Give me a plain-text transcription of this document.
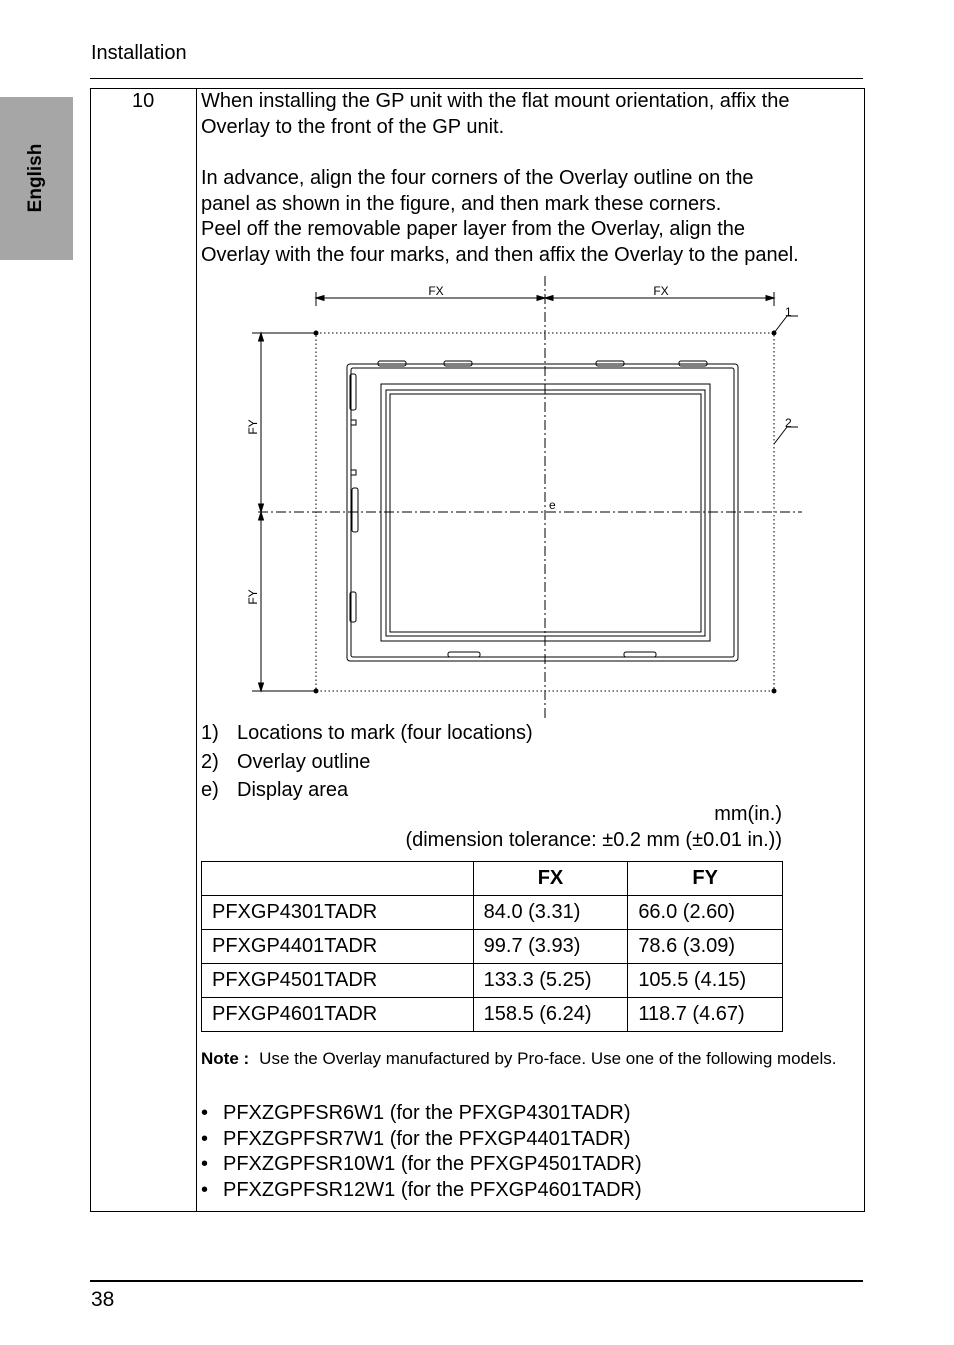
Installation
English
10 When installing the GP unit with the flat mount orientation, affix the
Overlay to the front of the GP unit.
In advance, align the four corners of the Overlay outline on the
panel as shown in the figure, and then mark these corners.
Peel off the removable paper layer from the Overlay, align the
Overlay with the four marks, and then affix the Overlay to the panel.
FX	FX
FY
FY
1
2
e
1) Locations to mark (four locations)
2) Overlay outline
e) Display area
mm(in.)
(dimension tolerance: ±0.2 mm (±0.01 in.))
	FX	FY
PFXGP4301TADR	84.0 (3.31)	66.0 (2.60)
PFXGP4401TADR	99.7 (3.93)	78.6 (3.09)
PFXGP4501TADR	133.3 (5.25)	105.5 (4.15)
PFXGP4601TADR	158.5 (6.24)	118.7 (4.67)
Note : Use the Overlay manufactured by Pro-face. Use one of the following models.
• PFXZGPFSR6W1 (for the PFXGP4301TADR)
• PFXZGPFSR7W1 (for the PFXGP4401TADR)
• PFXZGPFSR10W1 (for the PFXGP4501TADR)
• PFXZGPFSR12W1 (for the PFXGP4601TADR)
38
